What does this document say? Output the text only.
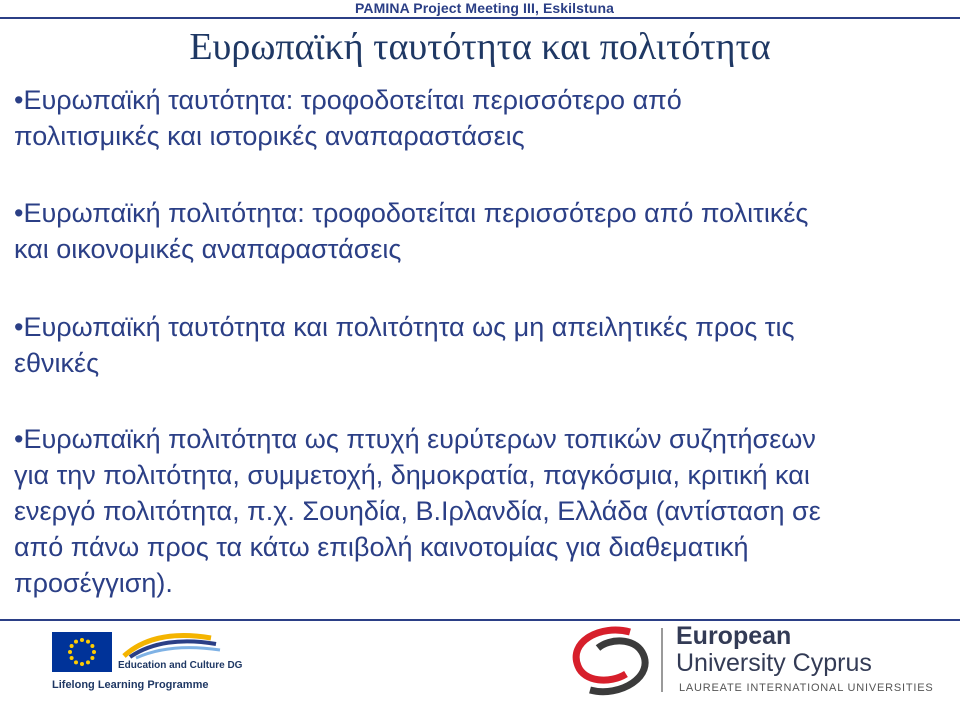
PAMINA Project Meeting III, Eskilstuna
Ευρωπαϊκή ταυτότητα και πολιτότητα
•Ευρωπαϊκή ταυτότητα: τροφοδοτείται περισσότερο από
πολιτισμικές και ιστορικές αναπαραστάσεις
•Ευρωπαϊκή πολιτότητα: τροφοδοτείται περισσότερο από πολιτικές
και οικονομικές αναπαραστάσεις
•Ευρωπαϊκή ταυτότητα και πολιτότητα ως μη απειλητικές προς τις
εθνικές
•Ευρωπαϊκή πολιτότητα ως πτυχή ευρύτερων τοπικών συζητήσεων
για την πολιτότητα, συμμετοχή, δημοκρατία, παγκόσμια, κριτική και
ενεργό πολιτότητα, π.χ. Σουηδία, Β.Ιρλανδία, Ελλάδα (αντίσταση σε
από πάνω προς τα κάτω επιβολή καινοτομίας για διαθεματική
προσέγγιση).
Education and Culture DG
Lifelong Learning Programme
European
University Cyprus
LAUREATE INTERNATIONAL UNIVERSITIES
